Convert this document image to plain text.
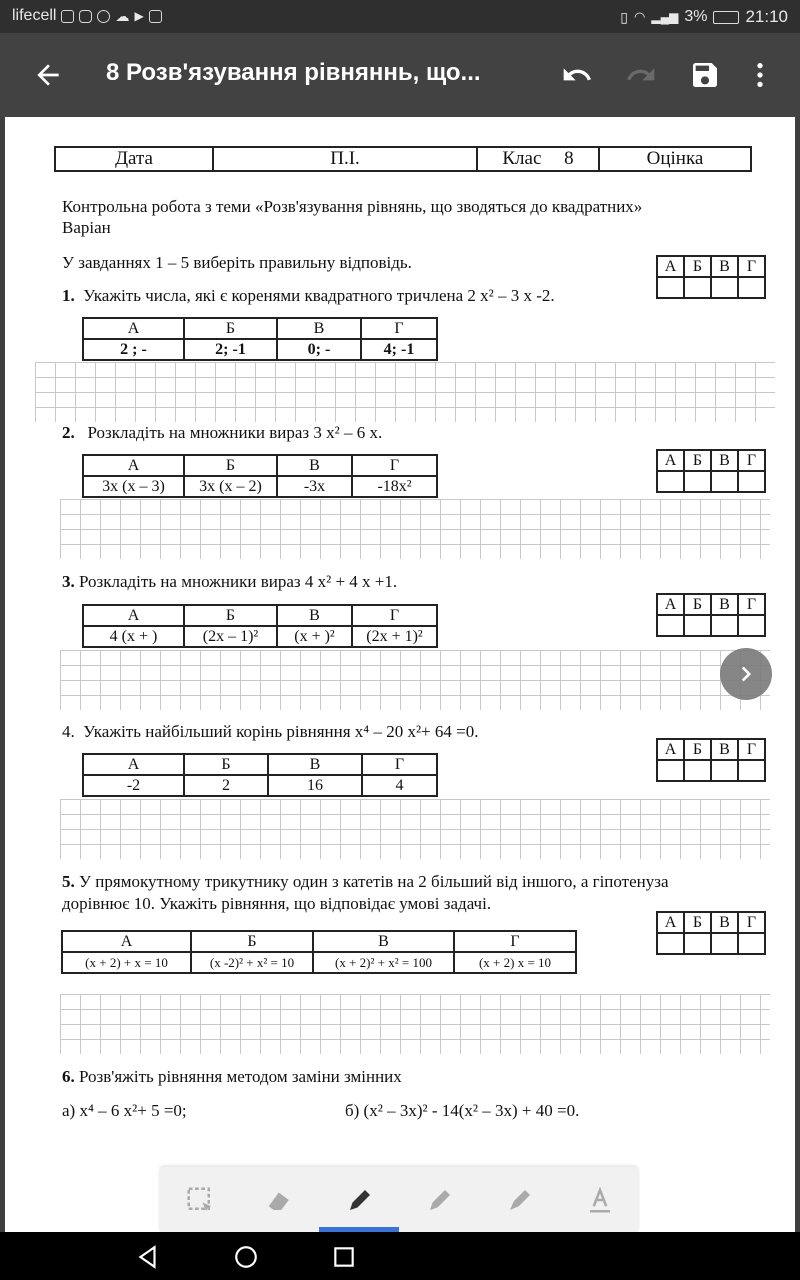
lifecell	☁ ▶	▯ ◠ ▂▄▆ 3% 21:10
8 Розв'язування рівняннь, що...
Дата	П.І.	Клас 8	Оцінка
Контрольна робота з теми «Розв'язування рівнянь, що зводяться до квадратних»
Варіан
У завданнях 1 – 5 виберіть правильну відповідь.	А	Б	В	Г

1. Укажіть числа, які є коренями квадратного тричлена 2 x² – 3 x -2.
А	Б	В	Г
2 ; -	2; -1	0; -	4; -1
2. Розкладіть на множники вираз 3 x² – 6 x.
А	Б	В	Г

А	Б	В	Г
3x (x – 3)	3x (x – 2)	-3x	-18x²
3. Розкладіть на множники вираз 4 x² + 4 x +1.
А	Б	В	Г

А	Б	В	Г
4 (x + )	(2x – 1)²	(x + )²	(2x + 1)²
4. Укажіть найбільший корінь рівняння x⁴ – 20 x²+ 64 =0.
А	Б	В	Г

А	Б	В	Г
-2	2	16	4
5. У прямокутному трикутнику один з катетів на 2 більший від іншого, а гіпотенуза
дорівнює 10. Укажіть рівняння, що відповідає умові задачі.
А	Б	В	Г

А	Б	В	Г
(x + 2) + x = 10	(x -2)² + x² = 10	(x + 2)² + x² = 100	(x + 2) x = 10
6. Розв'яжіть рівняння методом заміни змінних
а) x⁴ – 6 x²+ 5 =0;	б) (x² – 3x)² - 14(x² – 3x) + 40 =0.
